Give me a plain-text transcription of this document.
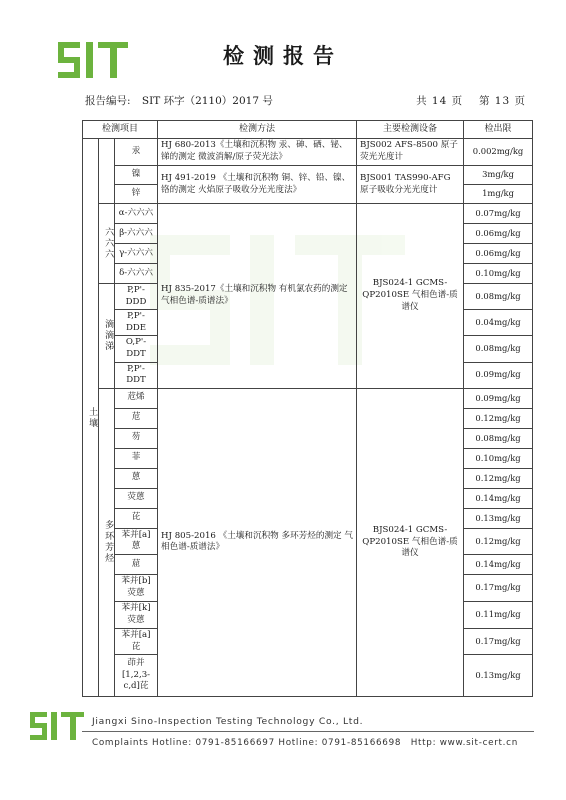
检测报告
报告编号: SIT 环字（2110）2017 号	共 14 页　 第 13 页
检测项目			检测方法	主要检测设备	检出限

土壤		汞	HJ 680-2013《土壤和沉积物 汞、砷、硒、铋、锑的测定 微波消解/原子荧光法》	BJS002 AFS-8500 原子荧光光度计	0.002mg/kg
		镍	HJ 491-2019 《土壤和沉积物 铜、锌、铅、镍、铬的测定 火焰原子吸收分光光度法》	BJS001 TAS990-AFG 原子吸收分光光度计	3mg/kg
		锌			1mg/kg

	六六六	α-六六六	HJ 835-2017《土壤和沉积物 有机氯农药的测定 气相色谱-质谱法》	BJS024-1 GCMS-QP2010SE 气相色谱-质谱仪	0.07mg/kg
		β-六六六			0.06mg/kg
		γ-六六六			0.06mg/kg
		δ-六六六			0.10mg/kg

	滴滴涕	P,P'-DDD			0.08mg/kg
		P,P'-DDE			0.04mg/kg
		O,P'-DDT			0.08mg/kg
		P,P'-DDT			0.09mg/kg

	多环芳烃	苊烯	HJ 805-2016 《土壤和沉积物 多环芳烃的测定 气相色谱-质谱法》	BJS024-1 GCMS-QP2010SE 气相色谱-质谱仪	0.09mg/kg
		苊			0.12mg/kg
		芴			0.08mg/kg
		菲			0.10mg/kg
		蒽			0.12mg/kg
		荧蒽			0.14mg/kg
		芘			0.13mg/kg
		苯并[a]蒽			0.12mg/kg
		䓛			0.14mg/kg
		苯并[b]荧蒽			0.17mg/kg
		苯并[k]荧蒽			0.11mg/kg
		苯并[a]芘			0.17mg/kg
		茚并[1,2,3-c,d]芘			0.13mg/kg
Jiangxi Sino-Inspection Testing Technology Co., Ltd.
Complaints Hotline: 0791-85166697 Hotline: 0791-85166698　Http: www.sit-cert.cn
